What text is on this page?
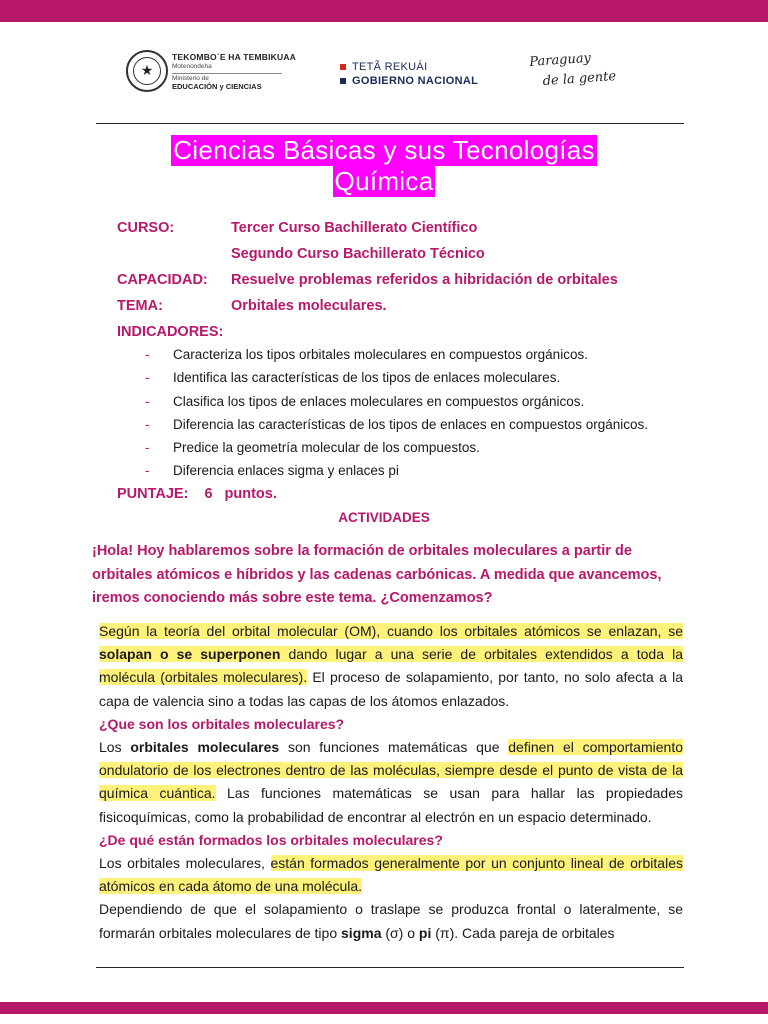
★
TEKOMBO´E HA TEMBIKUAA
Motenondeha
Ministerio de
EDUCACIÓN y CIENCIAS
TETÃ REKUÁI
GOBIERNO NACIONAL
Paraguay
de la gente
Ciencias Básicas y sus Tecnologías
Química
CURSO:	Tercer Curso Bachillerato Científico
Segundo Curso Bachillerato Técnico
CAPACIDAD:	Resuelve problemas referidos a hibridación de orbitales
TEMA:	Orbitales moleculares.
INDICADORES:
-	Caracteriza los tipos orbitales moleculares en compuestos orgánicos.
-	Identifica las características de los tipos de enlaces moleculares.
-	Clasifica los tipos de enlaces moleculares en compuestos orgánicos.
-	Diferencia las características de los tipos de enlaces en compuestos orgánicos.
-	Predice la geometría molecular de los compuestos.
-	Diferencia enlaces sigma y enlaces pi
PUNTAJE: 6 puntos.
ACTIVIDADES
¡Hola! Hoy hablaremos sobre la formación de orbitales moleculares a partir de orbitales atómicos e híbridos y las cadenas carbónicas. A medida que avancemos, iremos conociendo más sobre este tema. ¿Comenzamos?

Según la teoría del orbital molecular (OM), cuando los orbitales atómicos se enlazan, se solapan o se superponen dando lugar a una serie de orbitales extendidos a toda la molécula (orbitales moleculares). El proceso de solapamiento, por tanto, no solo afecta a la capa de valencia sino a todas las capas de los átomos enlazados.

¿Que son los orbitales moleculares?

Los orbitales moleculares son funciones matemáticas que definen el comportamiento ondulatorio de los electrones dentro de las moléculas, siempre desde el punto de vista de la química cuántica. Las funciones matemáticas se usan para hallar las propiedades fisicoquímicas, como la probabilidad de encontrar al electrón en un espacio determinado.

¿De qué están formados los orbitales moleculares?

Los orbitales moleculares, están formados generalmente por un conjunto lineal de orbitales atómicos en cada átomo de una molécula.

Dependiendo de que el solapamiento o traslape se produzca frontal o lateralmente, se formarán orbitales moleculares de tipo sigma (σ) o pi (π). Cada pareja de orbitales
